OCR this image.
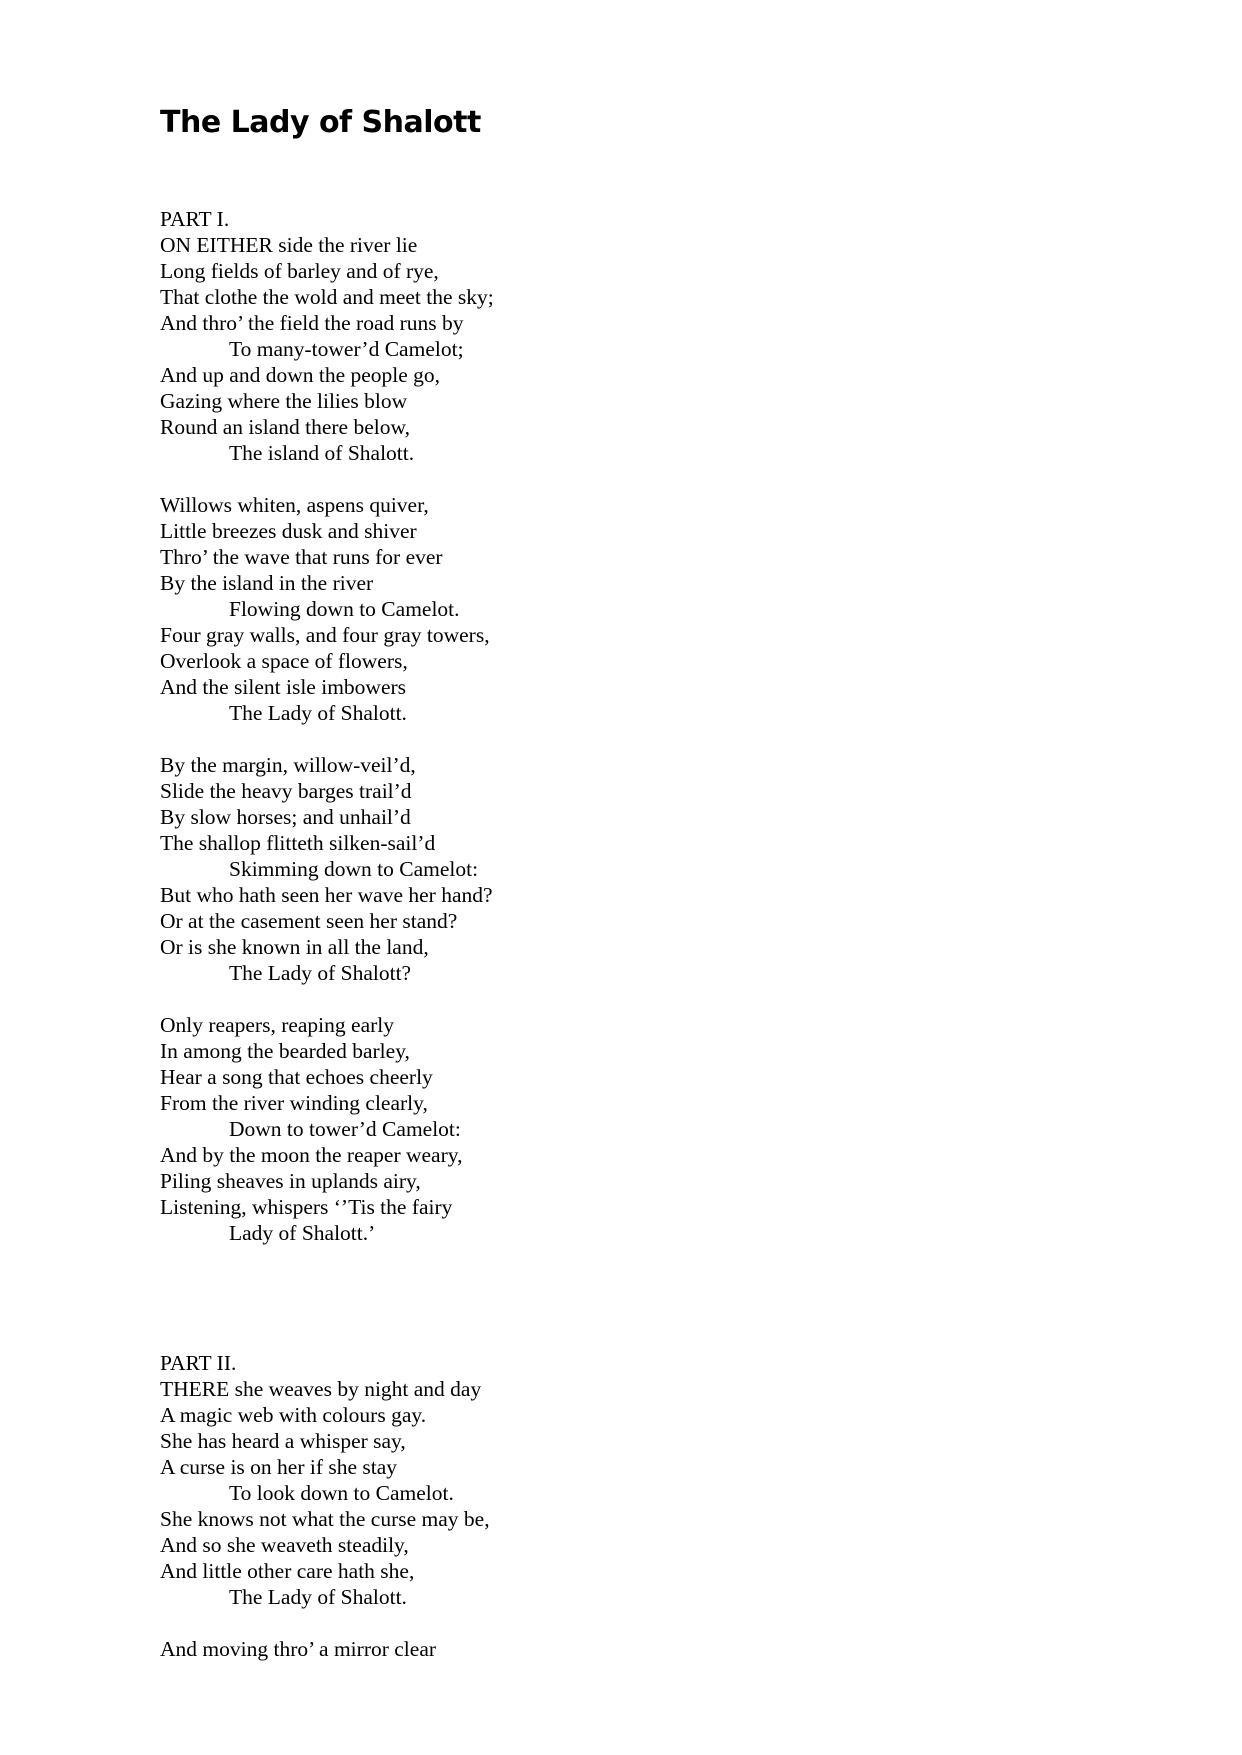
The Lady of Shalott
PART I.
ON EITHER side the river lie
Long fields of barley and of rye,
That clothe the wold and meet the sky;
And thro’ the field the road runs by
To many-tower’d Camelot;
And up and down the people go,
Gazing where the lilies blow
Round an island there below,
The island of Shalott.
Willows whiten, aspens quiver,
Little breezes dusk and shiver
Thro’ the wave that runs for ever
By the island in the river
Flowing down to Camelot.
Four gray walls, and four gray towers,
Overlook a space of flowers,
And the silent isle imbowers
The Lady of Shalott.
By the margin, willow-veil’d,
Slide the heavy barges trail’d
By slow horses; and unhail’d
The shallop flitteth silken-sail’d
Skimming down to Camelot:
But who hath seen her wave her hand?
Or at the casement seen her stand?
Or is she known in all the land,
The Lady of Shalott?
Only reapers, reaping early
In among the bearded barley,
Hear a song that echoes cheerly
From the river winding clearly,
Down to tower’d Camelot:
And by the moon the reaper weary,
Piling sheaves in uplands airy,
Listening, whispers ‘’Tis the fairy
Lady of Shalott.’
PART II.
THERE she weaves by night and day
A magic web with colours gay.
She has heard a whisper say,
A curse is on her if she stay
To look down to Camelot.
She knows not what the curse may be,
And so she weaveth steadily,
And little other care hath she,
The Lady of Shalott.
And moving thro’ a mirror clear
